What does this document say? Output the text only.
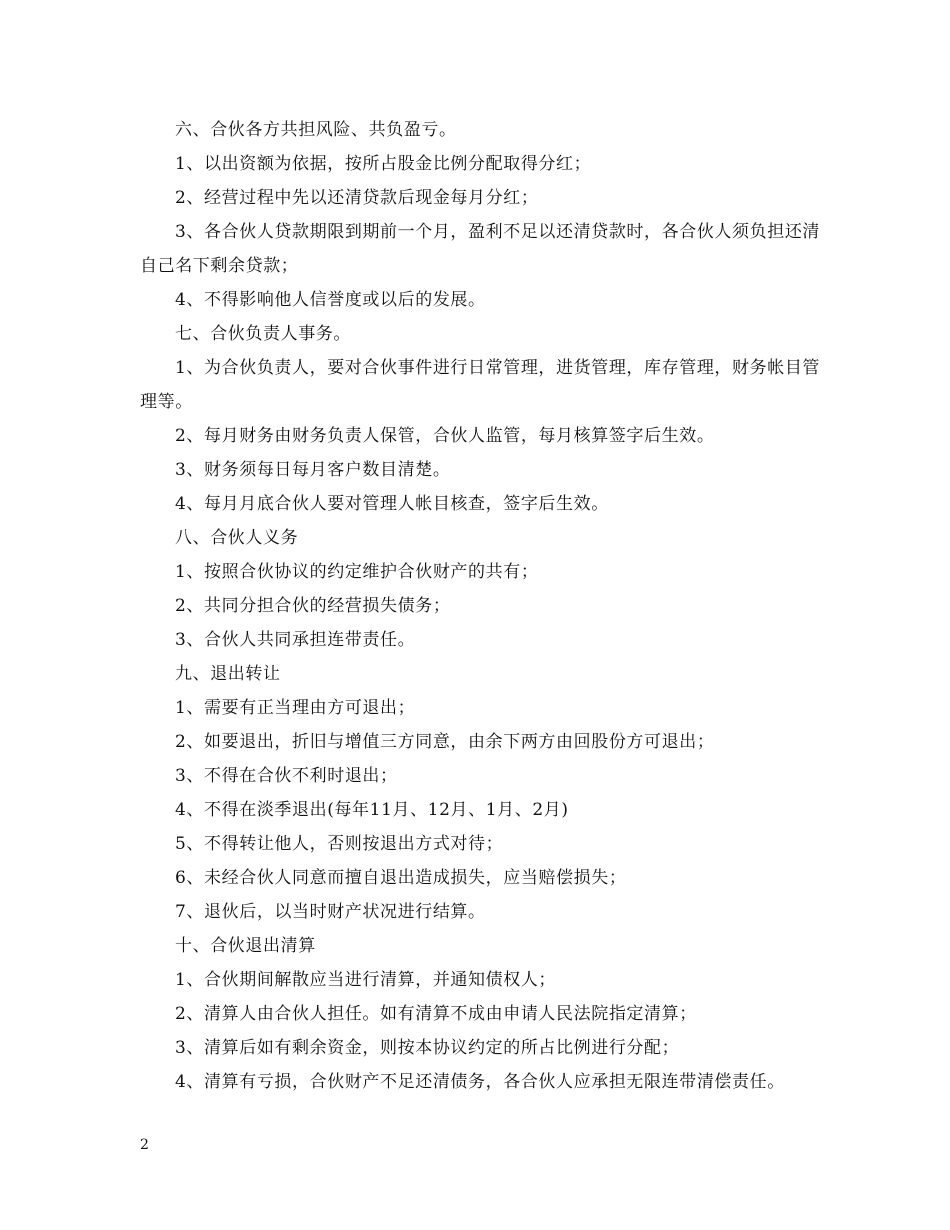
六、合伙各方共担风险、共负盈亏。

1、以出资额为依据，按所占股金比例分配取得分红；

2、经营过程中先以还清贷款后现金每月分红；

3、各合伙人贷款期限到期前一个月，盈利不足以还清贷款时，各合伙人须负担还清自己名下剩余贷款；

4、不得影响他人信誉度或以后的发展。

七、合伙负责人事务。

1、为合伙负责人，要对合伙事件进行日常管理，进货管理，库存管理，财务帐目管理等。

2、每月财务由财务负责人保管，合伙人监管，每月核算签字后生效。

3、财务须每日每月客户数目清楚。

4、每月月底合伙人要对管理人帐目核查，签字后生效。

八、合伙人义务

1、按照合伙协议的约定维护合伙财产的共有；

2、共同分担合伙的经营损失债务；

3、合伙人共同承担连带责任。

九、退出转让

1、需要有正当理由方可退出；

2、如要退出，折旧与增值三方同意，由余下两方由回股份方可退出；

3、不得在合伙不利时退出；

4、不得在淡季退出(每年11月、12月、1月、2月)

5、不得转让他人，否则按退出方式对待；

6、未经合伙人同意而擅自退出造成损失，应当赔偿损失；

7、退伙后，以当时财产状况进行结算。

十、合伙退出清算

1、合伙期间解散应当进行清算，并通知债权人；

2、清算人由合伙人担任。如有清算不成由申请人民法院指定清算；

3、清算后如有剩余资金，则按本协议约定的所占比例进行分配；

4、清算有亏损，合伙财产不足还清债务，各合伙人应承担无限连带清偿责任。

2
